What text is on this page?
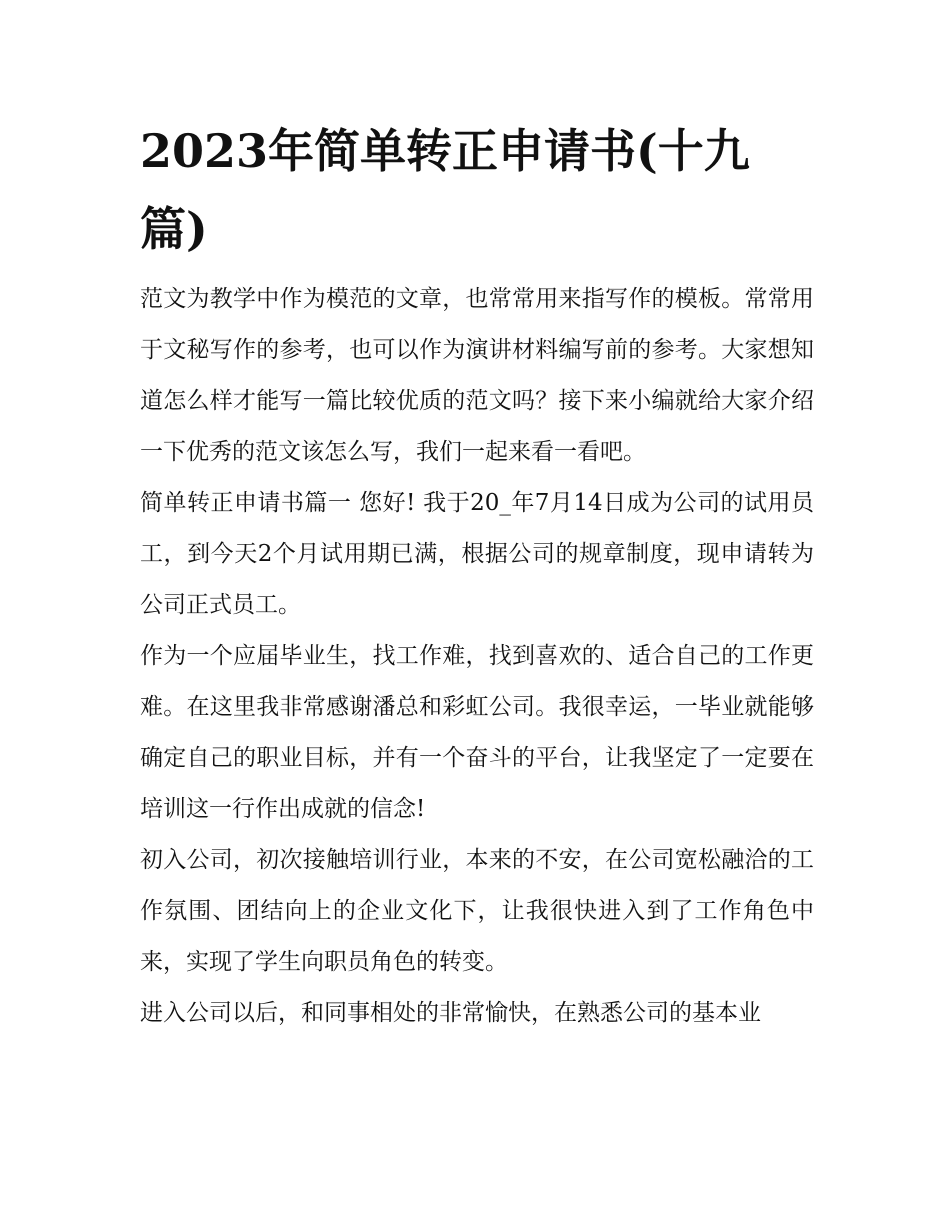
2023年简单转正申请书(十九篇)

范文为教学中作为模范的文章，也常常用来指写作的模板。常常用于文秘写作的参考，也可以作为演讲材料编写前的参考。大家想知道怎么样才能写一篇比较优质的范文吗？接下来小编就给大家介绍一下优秀的范文该怎么写，我们一起来看一看吧。

简单转正申请书篇一 您好! 我于20_年7月14日成为公司的试用员工，到今天2个月试用期已满，根据公司的规章制度，现申请转为公司正式员工。

作为一个应届毕业生，找工作难，找到喜欢的、适合自己的工作更难。在这里我非常感谢潘总和彩虹公司。我很幸运，一毕业就能够确定自己的职业目标，并有一个奋斗的平台，让我坚定了一定要在培训这一行作出成就的信念!

初入公司，初次接触培训行业，本来的不安，在公司宽松融洽的工作氛围、团结向上的企业文化下，让我很快进入到了工作角色中来，实现了学生向职员角色的转变。

进入公司以后，和同事相处的非常愉快，在熟悉公司的基本业
